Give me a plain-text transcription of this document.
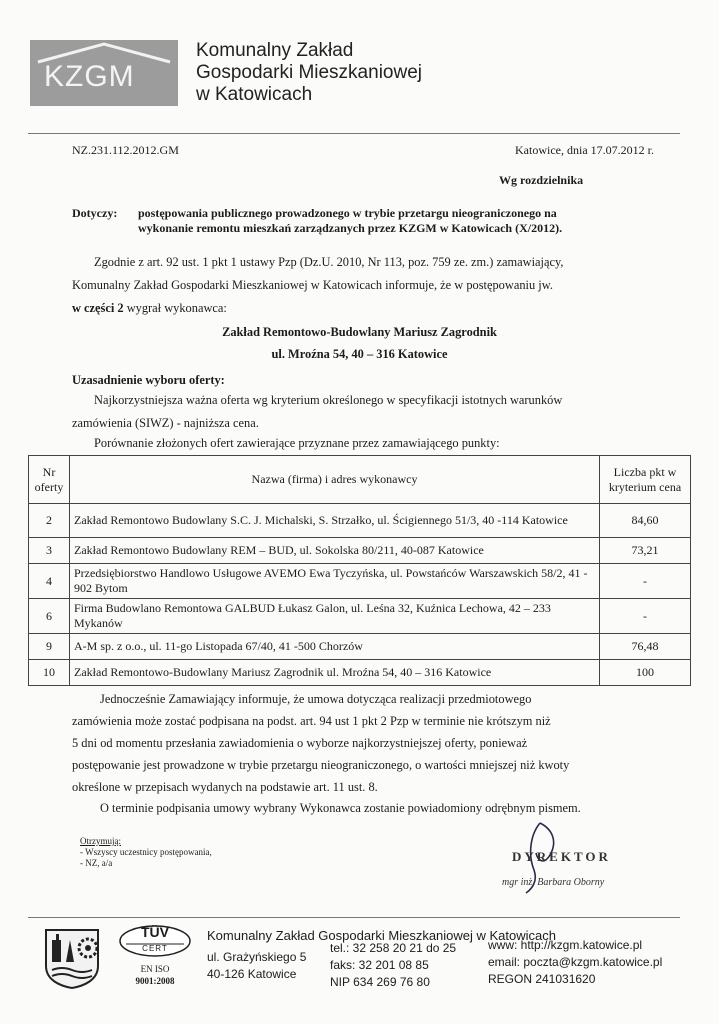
KZGM
Komunalny Zakład
Gospodarki Mieszkaniowej
w Katowicach
NZ.231.112.2012.GM	Katowice, dnia 17.07.2012 r.
Wg rozdzielnika
Dotyczy: postępowania publicznego prowadzonego w trybie przetargu nieograniczonego na
wykonanie remontu mieszkań zarządzanych przez KZGM w Katowicach (X/2012).
Zgodnie z art. 92 ust. 1 pkt 1 ustawy Pzp (Dz.U. 2010, Nr 113, poz. 759 ze. zm.) zamawiający,
Komunalny Zakład Gospodarki Mieszkaniowej w Katowicach informuje, że w postępowaniu jw.
w części 2 wygrał wykonawca:
Zakład Remontowo-Budowlany Mariusz Zagrodnik
ul. Mroźna 54, 40 – 316 Katowice
Uzasadnienie wyboru oferty:
Najkorzystniejsza ważna oferta wg kryterium określonego w specyfikacji istotnych warunków
zamówienia (SIWZ) - najniższa cena.
Porównanie złożonych ofert zawierające przyznane przez zamawiającego punkty:
Nr oferty	Nazwa (firma) i adres wykonawcy	Liczba pkt w kryterium cena
2	Zakład Remontowo Budowlany S.C. J. Michalski, S. Strzałko, ul. Ścigiennego 51/3, 40 -114 Katowice	84,60
3	Zakład Remontowo Budowlany REM – BUD, ul. Sokolska 80/211, 40-087 Katowice	73,21
4	Przedsiębiorstwo Handlowo Usługowe AVEMO Ewa Tyczyńska, ul. Powstańców Warszawskich 58/2, 41 - 902 Bytom	-
6	Firma Budowlano Remontowa GALBUD Łukasz Galon, ul. Leśna 32, Kuźnica Lechowa, 42 – 233 Mykanów	-
9	A-M sp. z o.o., ul. 11-go Listopada 67/40, 41 -500 Chorzów	76,48
10	Zakład Remontowo-Budowlany Mariusz Zagrodnik ul. Mroźna 54, 40 – 316 Katowice	100
Jednocześnie Zamawiający informuje, że umowa dotycząca realizacji przedmiotowego
zamówienia może zostać podpisana na podst. art. 94 ust 1 pkt 2 Pzp w terminie nie krótszym niż
5 dni od momentu przesłania zawiadomienia o wyborze najkorzystniejszej oferty, ponieważ
postępowanie jest prowadzone w trybie przetargu nieograniczonego, o wartości mniejszej niż kwoty
określone w przepisach wydanych na podstawie art. 11 ust. 8.
O terminie podpisania umowy wybrany Wykonawca zostanie powiadomiony odrębnym pismem.
Otrzymują:
- Wszyscy uczestnicy postępowania,
- NZ, a/a	DYREKTOR
mgr inż. Barbara Oborny
TÜV
CERT
EN ISO
9001:2008
Komunalny Zakład Gospodarki Mieszkaniowej w Katowicach
ul. Grażyńskiego 5
40-126 Katowice
tel.: 32 258 20 21 do 25
faks: 32 201 08 85
NIP 634 269 76 80
www: http://kzgm.katowice.pl
email: poczta@kzgm.katowice.pl
REGON 241031620
